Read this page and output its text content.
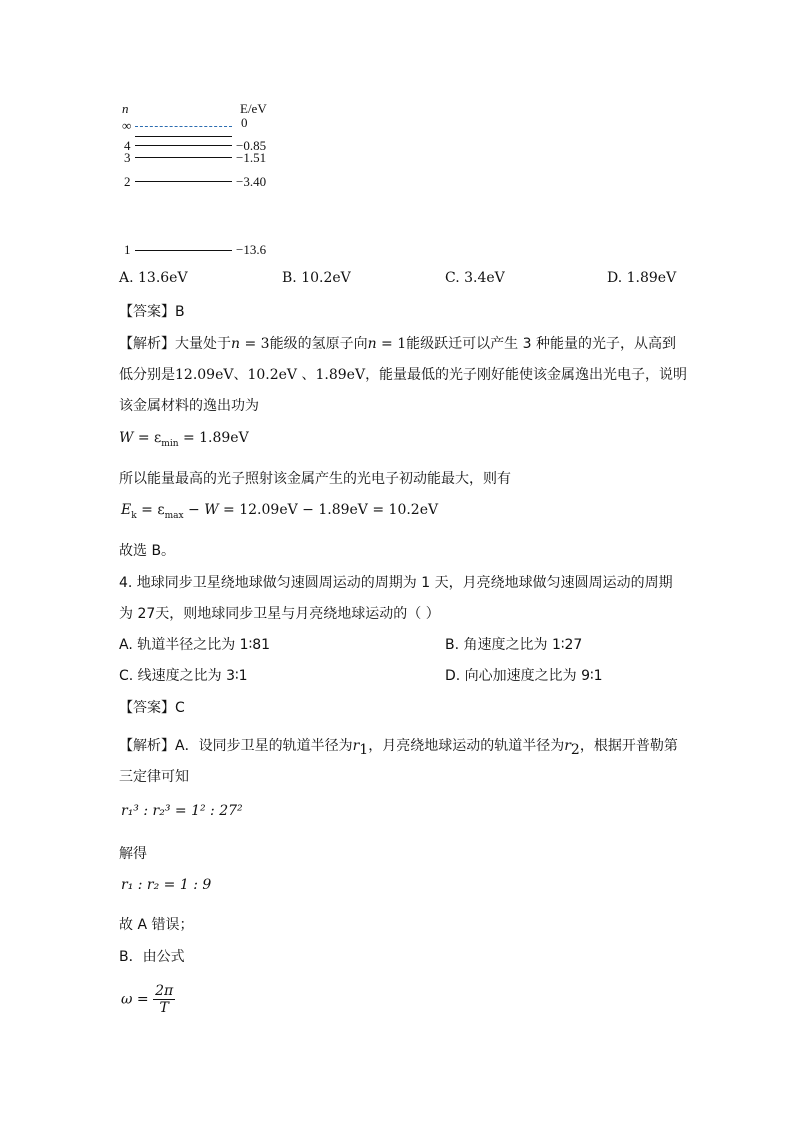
n	E/eV
∞	0
4	−0.85
3	−1.51
2	−3.40
1	−13.6
A. 13.6eV	B. 10.2eV	C. 3.4eV	D. 1.89eV
【答案】B
【解析】大量处于n = 3能级的氢原子向n = 1能级跃迁可以产生 3 种能量的光子，从高到
低分别是12.09eV、10.2eV 、1.89eV，能量最低的光子刚好能使该金属逸出光电子，说明
该金属材料的逸出功为
$W = \varepsilon_{min} = 1.89eV$
所以能量最高的光子照射该金属产生的光电子初动能最大，则有
$E_k = \varepsilon_{max} - W = 12.09eV - 1.89eV = 10.2eV$
故选 B。
4. 地球同步卫星绕地球做匀速圆周运动的周期为 1 天，月亮绕地球做匀速圆周运动的周期
为 27天，则地球同步卫星与月亮绕地球运动的（ ）
A. 轨道半径之比为 1∶81	B. 角速度之比为 1∶27
C. 线速度之比为 3∶1	D. 向心加速度之比为 9∶1
【答案】C
【解析】A．设同步卫星的轨道半径为$r_1$，月亮绕地球运动的轨道半径为$r_2$，根据开普勒第
三定律可知
r₁³ : r₂³ = 1² : 27²
解得
r₁ : r₂ = 1 : 9
故 A 错误；
B．由公式
$\omega = \frac{2\pi}{T}$
